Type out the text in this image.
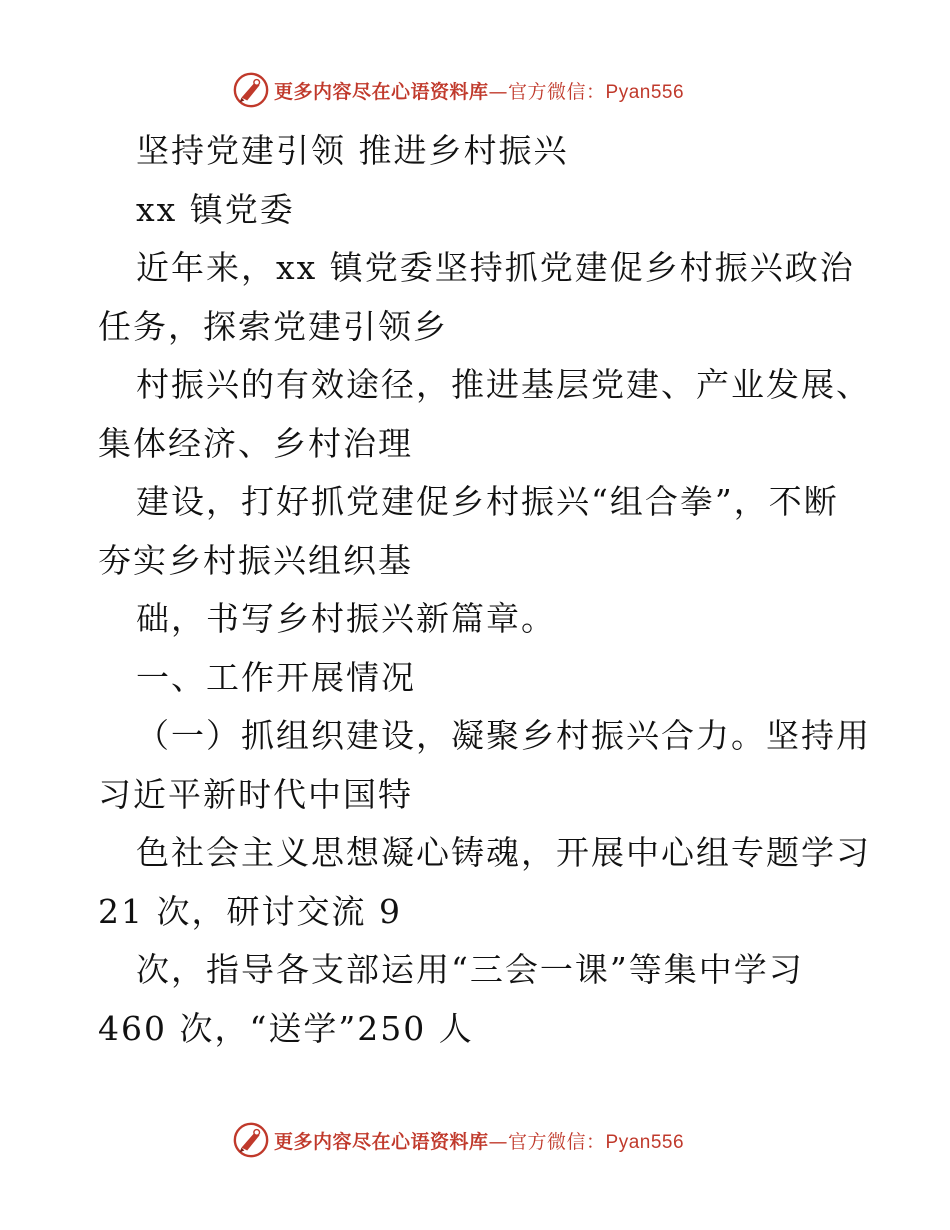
更多内容尽在心语资料库—官方微信：Pyan556
坚持党建引领 推进乡村振兴
xx 镇党委
近年来，xx 镇党委坚持抓党建促乡村振兴政治
任务，探索党建引领乡
村振兴的有效途径，推进基层党建、产业发展、
集体经济、乡村治理
建设，打好抓党建促乡村振兴“组合拳”，不断
夯实乡村振兴组织基
础，书写乡村振兴新篇章。
一、工作开展情况
（一）抓组织建设，凝聚乡村振兴合力。坚持用
习近平新时代中国特
色社会主义思想凝心铸魂，开展中心组专题学习
21 次，研讨交流 9
次，指导各支部运用“三会一课”等集中学习
460 次，“送学”250 人
更多内容尽在心语资料库—官方微信：Pyan556
